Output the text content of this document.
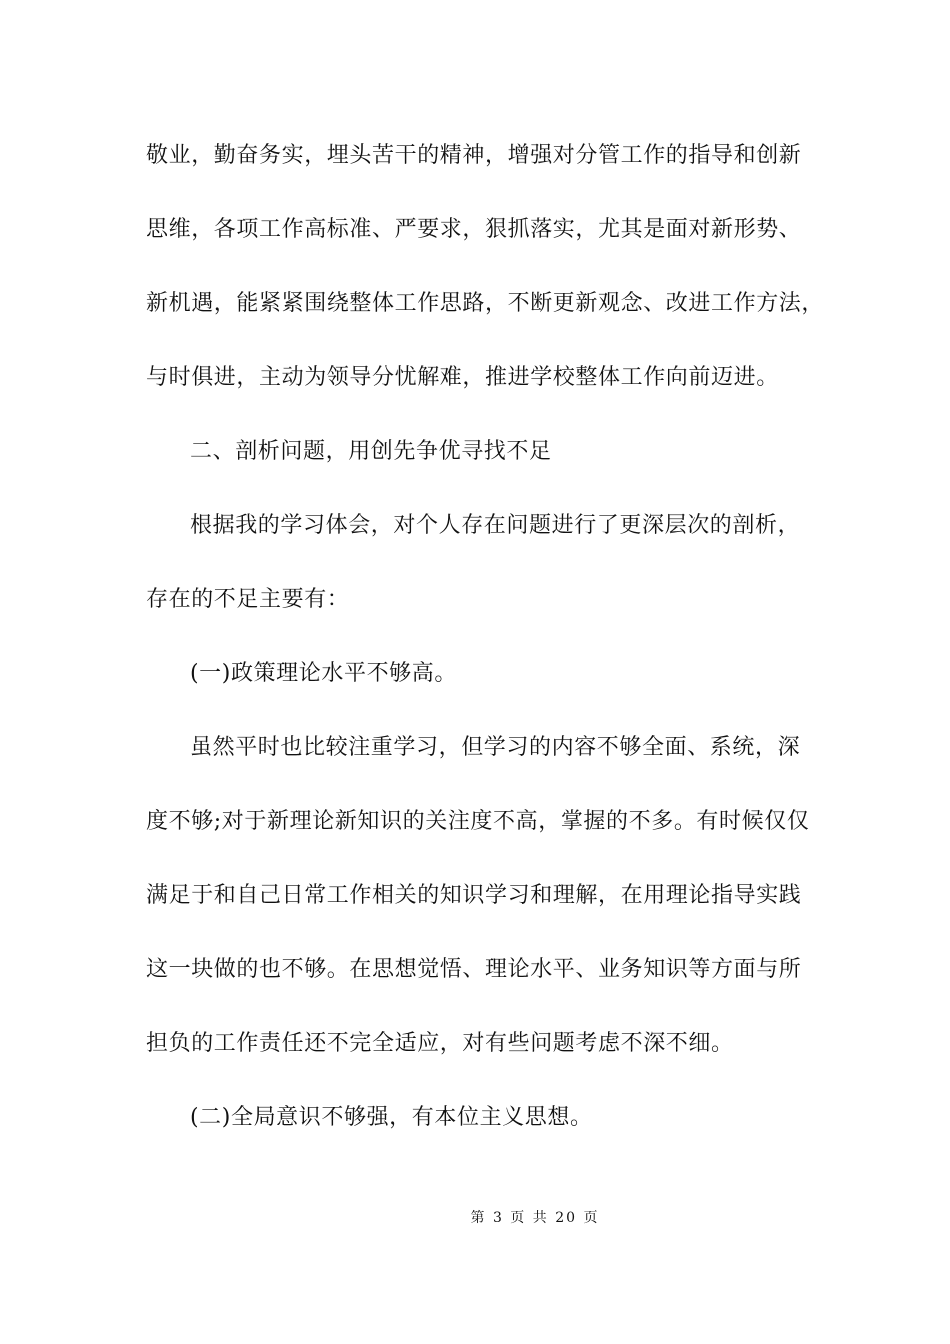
敬业，勤奋务实，埋头苦干的精神，增强对分管工作的指导和创新

思维，各项工作高标准、严要求，狠抓落实，尤其是面对新形势、

新机遇，能紧紧围绕整体工作思路，不断更新观念、改进工作方法，

与时俱进，主动为领导分忧解难，推进学校整体工作向前迈进。

二、剖析问题，用创先争优寻找不足

根据我的学习体会，对个人存在问题进行了更深层次的剖析，

存在的不足主要有：

(一)政策理论水平不够高。

虽然平时也比较注重学习，但学习的内容不够全面、系统，深

度不够;对于新理论新知识的关注度不高，掌握的不多。有时候仅仅

满足于和自己日常工作相关的知识学习和理解，在用理论指导实践

这一块做的也不够。在思想觉悟、理论水平、业务知识等方面与所

担负的工作责任还不完全适应，对有些问题考虑不深不细。

(二)全局意识不够强，有本位主义思想。

第 3 页 共 20 页
